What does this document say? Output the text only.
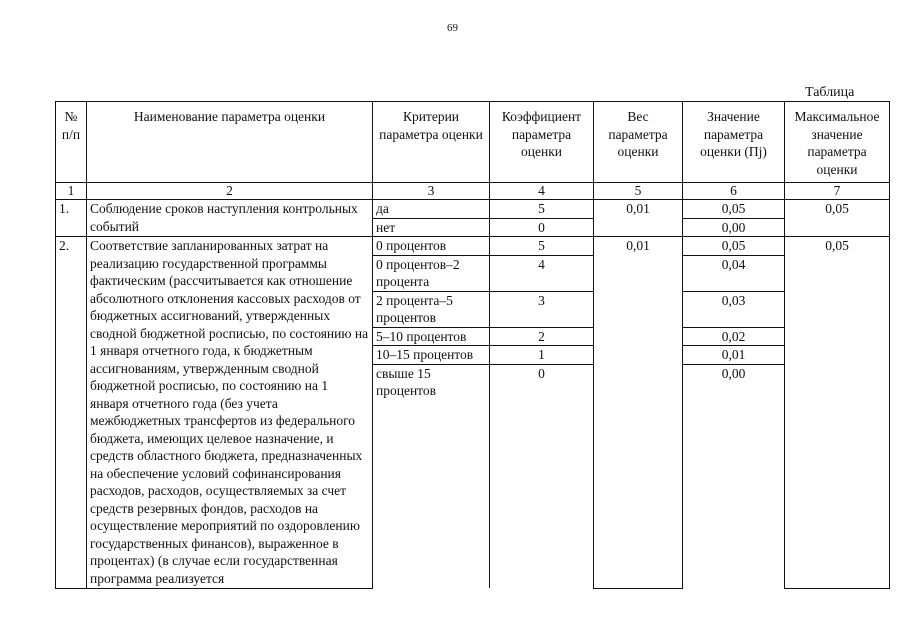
69
Таблица
№ п/п	Наименование параметра оценки	Критерии параметра оценки	Коэффициент параметра оценки	Вес параметра оценки	Значение параметра оценки (Пj)	Максимальное значение параметра оценки
1	2	3	4	5	6	7
1.	Соблюдение сроков наступления контрольных событий	да	5	0,01	0,05	0,05
		нет	0		0,00	
2.	Соответствие запланированных затрат на реализацию государственной программы фактическим (рассчитывается как отношение абсолютного отклонения кассовых расходов от бюджетных ассигнований, утвержденных сводной бюджетной росписью, по состоянию на 1 января отчетного года, к бюджетным ассигнованиям, утвержденным сводной бюджетной росписью, по состоянию на 1 января отчетного года (без учета межбюджетных трансфертов из федерального бюджета, имеющих целевое назначение, и средств областного бюджета, предназначенных на обеспечение условий софинансирования расходов, расходов, осуществляемых за счет средств резервных фондов, расходов на осуществление мероприятий по оздоровлению государственных финансов), выраженное в процентах) (в случае если государственная программа реализуется	0 процентов	5	0,01	0,05	0,05
		0 процентов–2 процента	4		0,04	
		2 процента–5 процентов	3		0,03	
		5–10 процентов	2		0,02	
		10–15 процентов	1		0,01	
		свыше 15 процентов	0		0,00	
